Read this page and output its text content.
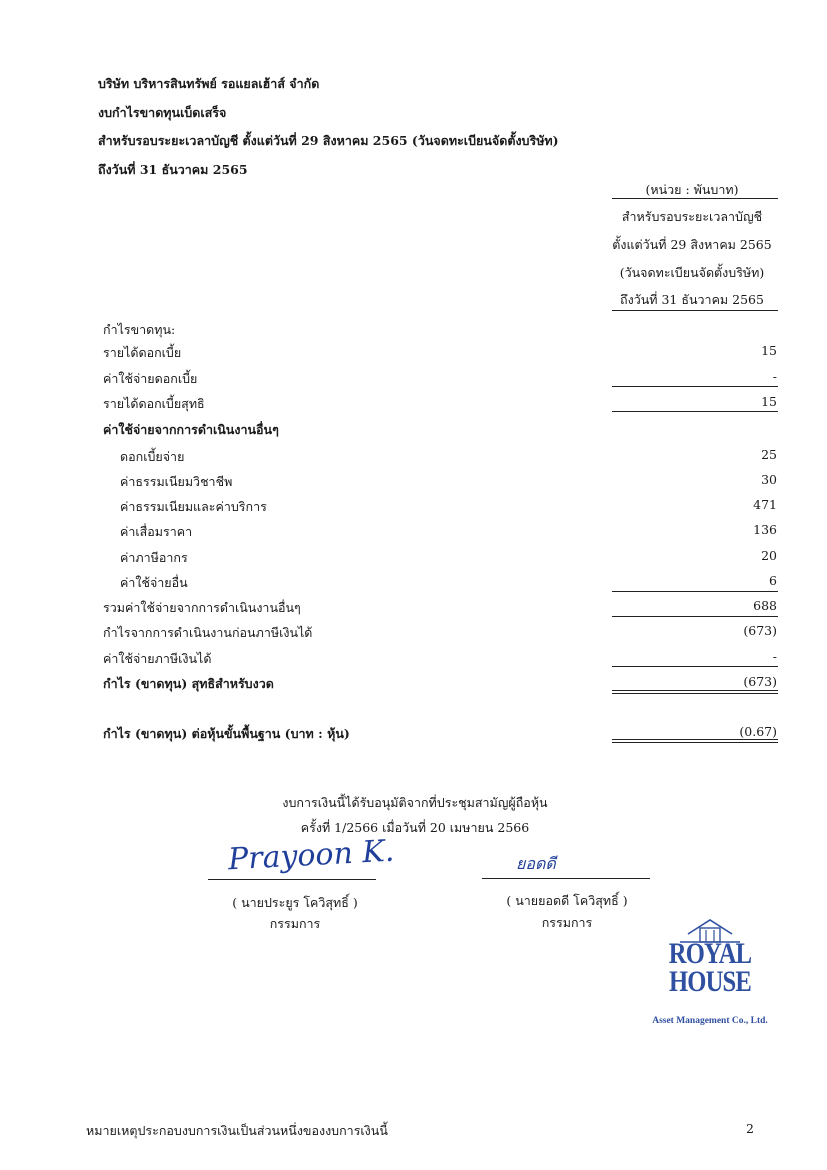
บริษัท บริหารสินทรัพย์ รอแยลเฮ้าส์ จำกัด
งบกำไรขาดทุนเบ็ดเสร็จ
สำหรับรอบระยะเวลาบัญชี ตั้งแต่วันที่ 29 สิงหาคม 2565 (วันจดทะเบียนจัดตั้งบริษัท)
ถึงวันที่ 31 ธันวาคม 2565
(หน่วย : พันบาท)
สำหรับรอบระยะเวลาบัญชี
ตั้งแต่วันที่ 29 สิงหาคม 2565
(วันจดทะเบียนจัดตั้งบริษัท)
ถึงวันที่ 31 ธันวาคม 2565
กำไรขาดทุน:
รายได้ดอกเบี้ย	15
ค่าใช้จ่ายดอกเบี้ย	-
รายได้ดอกเบี้ยสุทธิ	15
ค่าใช้จ่ายจากการดำเนินงานอื่นๆ
ดอกเบี้ยจ่าย	25
ค่าธรรมเนียมวิชาชีพ	30
ค่าธรรมเนียมและค่าบริการ	471
ค่าเสื่อมราคา	136
ค่าภาษีอากร	20
ค่าใช้จ่ายอื่น	6
รวมค่าใช้จ่ายจากการดำเนินงานอื่นๆ	688
กำไรจากการดำเนินงานก่อนภาษีเงินได้	(673)
ค่าใช้จ่ายภาษีเงินได้	-
กำไร (ขาดทุน) สุทธิสำหรับงวด	(673)
กำไร (ขาดทุน) ต่อหุ้นขั้นพื้นฐาน (บาท : หุ้น)	(0.67)
งบการเงินนี้ได้รับอนุมัติจากที่ประชุมสามัญผู้ถือหุ้น
ครั้งที่ 1/2566 เมื่อวันที่ 20 เมษายน 2566
Prayoon K.
( นายประยูร โควิสุทธิ์ )
กรรมการ
ยอดดี
( นายยอดดี โควิสุทธิ์ )
กรรมการ
ROYAL
HOUSE
Asset Management Co., Ltd.
หมายเหตุประกอบงบการเงินเป็นส่วนหนึ่งของงบการเงินนี้	2
